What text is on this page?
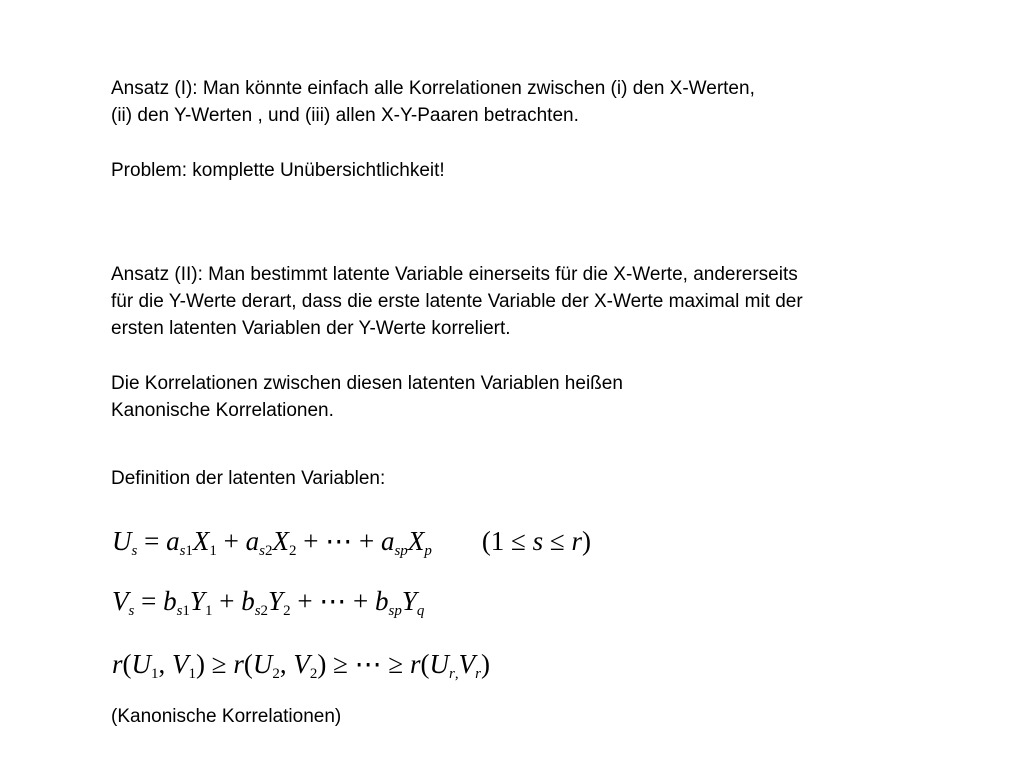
Ansatz (I): Man könnte einfach alle Korrelationen zwischen (i) den X-Werten,

(ii) den Y-Werten , und (iii) allen X-Y-Paaren betrachten.

Problem: komplette Unübersichtlichkeit!

Ansatz (II): Man bestimmt latente Variable einerseits für die X-Werte, andererseits

für die Y-Werte derart, dass die erste latente Variable der X-Werte maximal mit der

ersten latenten Variablen der Y-Werte korreliert.

Die Korrelationen zwischen diesen latenten Variablen heißen

Kanonische Korrelationen.

Definition der latenten Variablen:

$U_s = a_{s1}X_1 + a_{s2}X_2$ + ⋯ + $a_{sp}X_p$ (1 ≤ s ≤ r)
$V_s = b_{s1}Y_1 + b_{s2}Y_2$ + ⋯ + $b_{sp}Y_q$
$r(U_1$, $V_1) \ge r(U_2$, $V_2$) ≥ ⋯ ≥ $r(U_{r,}V_r)$

(Kanonische Korrelationen)
